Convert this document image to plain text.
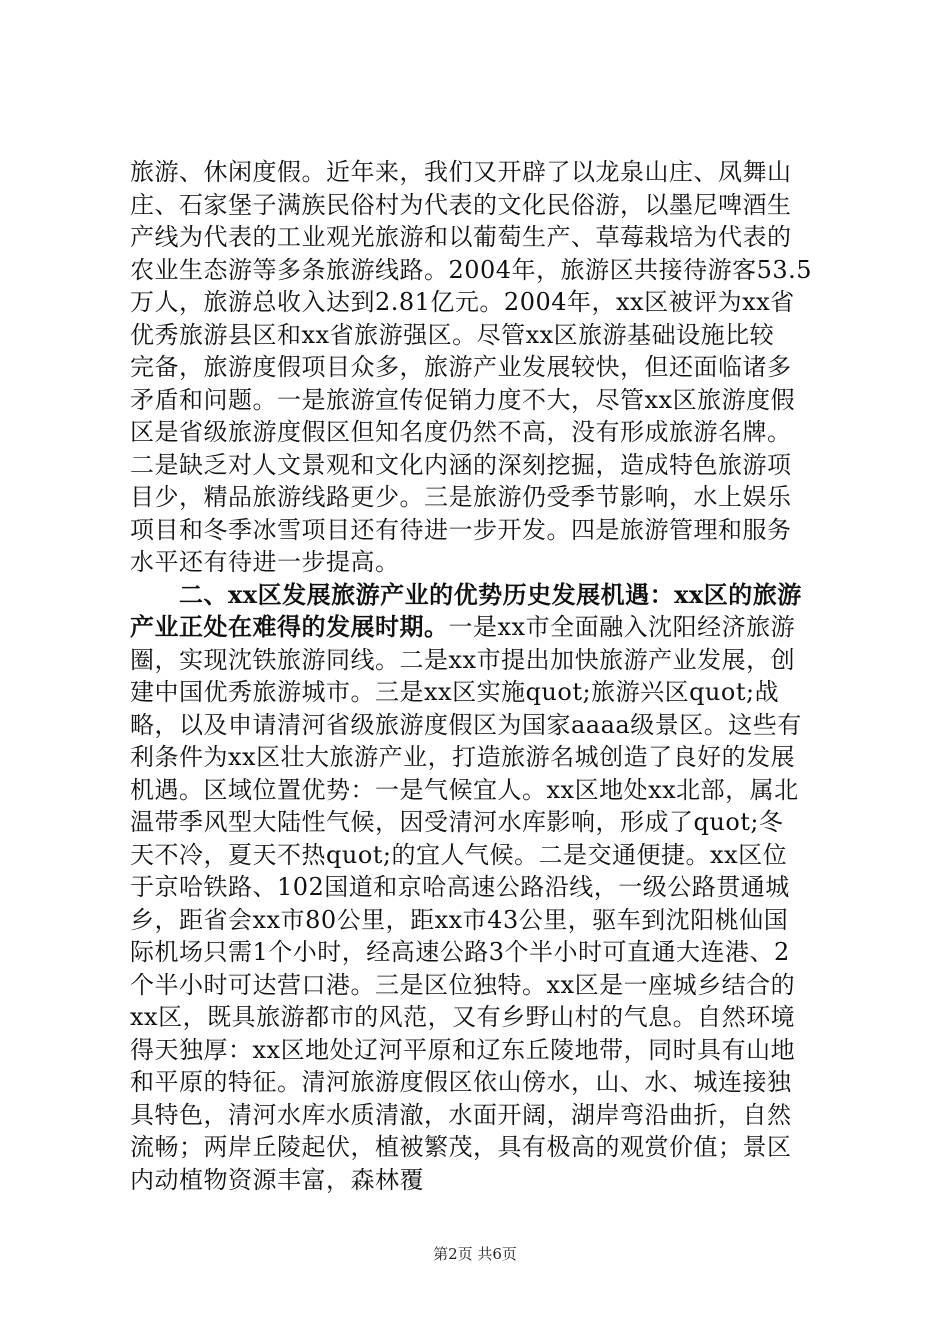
旅游、休闲度假。近年来，我们又开辟了以龙泉山庄、凤舞山
庄、石家堡子满族民俗村为代表的文化民俗游，以墨尼啤酒生
产线为代表的工业观光旅游和以葡萄生产、草莓栽培为代表的
农业生态游等多条旅游线路。2004年，旅游区共接待游客53.5
万人，旅游总收入达到2.81亿元。2004年，xx区被评为xx省
优秀旅游县区和xx省旅游强区。尽管xx区旅游基础设施比较
完备，旅游度假项目众多，旅游产业发展较快，但还面临诸多
矛盾和问题。一是旅游宣传促销力度不大，尽管xx区旅游度假
区是省级旅游度假区但知名度仍然不高，没有形成旅游名牌。
二是缺乏对人文景观和文化内涵的深刻挖掘，造成特色旅游项
目少，精品旅游线路更少。三是旅游仍受季节影响，水上娱乐
项目和冬季冰雪项目还有待进一步开发。四是旅游管理和服务
水平还有待进一步提高。
　　二、xx区发展旅游产业的优势历史发展机遇：xx区的旅游
产业正处在难得的发展时期。一是xx市全面融入沈阳经济旅游
圈，实现沈铁旅游同线。二是xx市提出加快旅游产业发展，创
建中国优秀旅游城市。三是xx区实施quot;旅游兴区quot;战
略，以及申请清河省级旅游度假区为国家aaaa级景区。这些有
利条件为xx区壮大旅游产业，打造旅游名城创造了良好的发展
机遇。区域位置优势：一是气候宜人。xx区地处xx北部，属北
温带季风型大陆性气候，因受清河水库影响，形成了quot;冬
天不冷，夏天不热quot;的宜人气候。二是交通便捷。xx区位
于京哈铁路、102国道和京哈高速公路沿线，一级公路贯通城
乡，距省会xx市80公里，距xx市43公里，驱车到沈阳桃仙国
际机场只需1个小时，经高速公路3个半小时可直通大连港、2
个半小时可达营口港。三是区位独特。xx区是一座城乡结合的
xx区，既具旅游都市的风范，又有乡野山村的气息。自然环境
得天独厚：xx区地处辽河平原和辽东丘陵地带，同时具有山地
和平原的特征。清河旅游度假区依山傍水，山、水、城连接独
具特色，清河水库水质清澈，水面开阔，湖岸弯沿曲折，自然
流畅；两岸丘陵起伏，植被繁茂，具有极高的观赏价值；景区
内动植物资源丰富，森林覆
第2页 共6页
